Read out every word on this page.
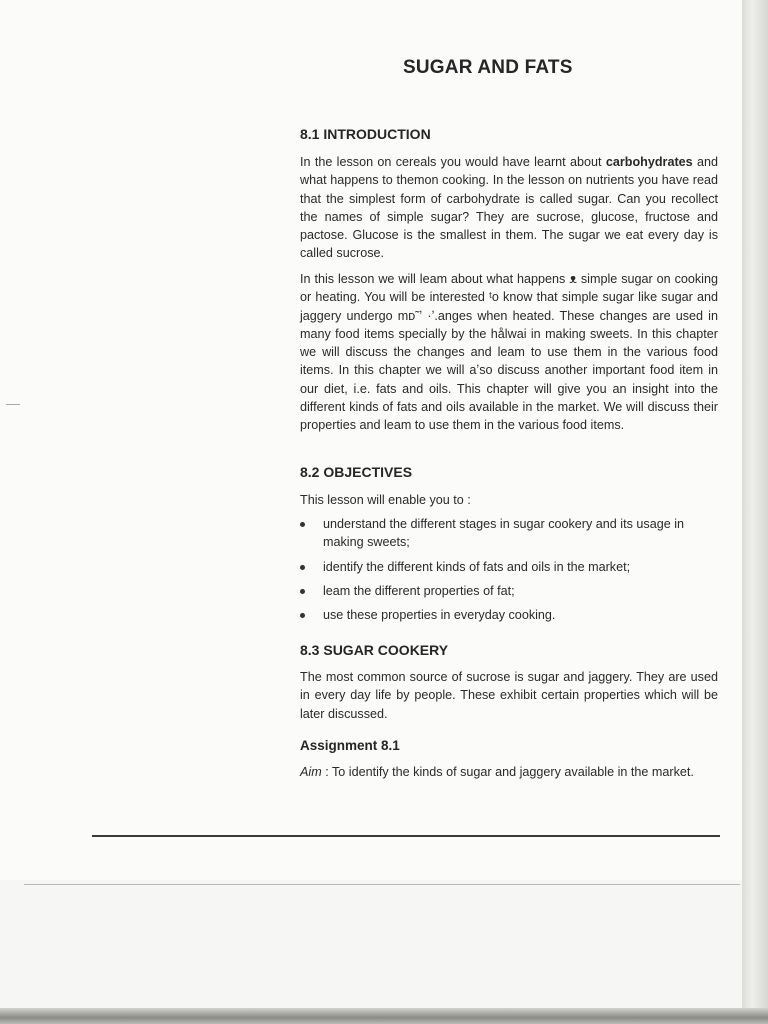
SUGAR AND FATS
8.1 INTRODUCTION

In the lesson on cereals you would have learnt about carbohydrates and what happens to themon cooking. In the lesson on nutrients you have read that the simplest form of carbohydrate is called sugar. Can you recollect the names of simple sugar? They are sucrose, glucose, fructose and pactose. Glucose is the smallest in them. The sugar we eat every day is called sucrose.

In this lesson we will leam about what happens ᴥ simple sugar on cooking or heating. You will be interested ᵗo know that simple sugar like sugar and jaggery undergo mᴅ˜ʼ ·ʼ.anges when heated. These changes are used in many food items specially by the hålwai in making sweets. In this chapter we will discuss the changes and leam to use them in the various food items. In this chapter we will aʼso discuss another important food item in our diet, i.e. fats and oils. This chapter will give you an insight into the different kinds of fats and oils available in the market. We will discuss their properties and leam to use them in the various food items.

8.2 OBJECTIVES

This lesson will enable you to :

understand the different stages in sugar cookery and its usage in making sweets;
identify the different kinds of fats and oils in the market;
leam the different properties of fat;
use these properties in everyday cooking.
8.3 SUGAR COOKERY

The most common source of sucrose is sugar and jaggery. They are used in every day life by people. These exhibit certain properties which will be later discussed.

Assignment 8.1

Aim : To identify the kinds of sugar and jaggery available in the market.
